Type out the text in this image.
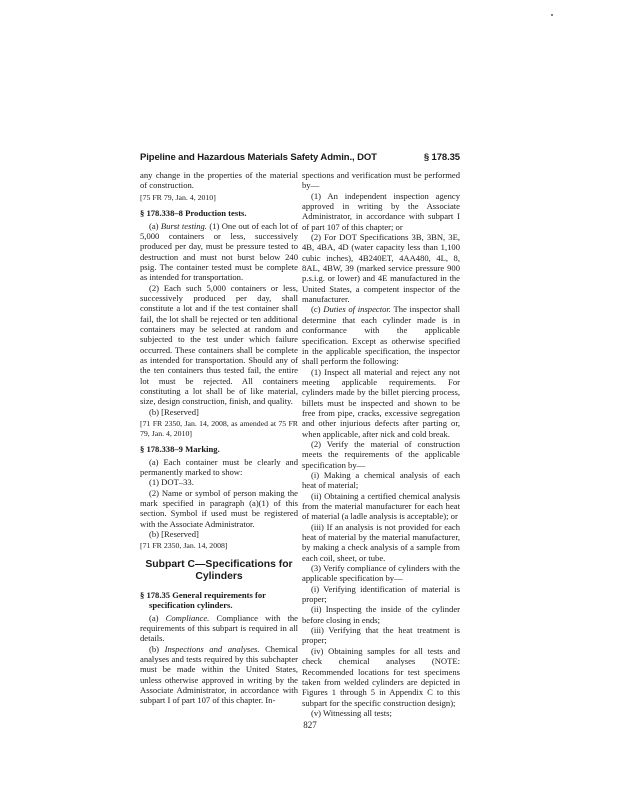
Pipeline and Hazardous Materials Safety Admin., DOT	§ 178.35

any change in the properties of the material of construction.

[75 FR 79, Jan. 4, 2010]

§ 178.338–8 Production tests.

(a) Burst testing. (1) One out of each lot of 5,000 containers or less, successively produced per day, must be pressure tested to destruction and must not burst below 240 psig. The container tested must be complete as intended for transportation.

(2) Each such 5,000 containers or less, successively produced per day, shall constitute a lot and if the test container shall fail, the lot shall be rejected or ten additional containers may be selected at random and subjected to the test under which failure occurred. These containers shall be complete as intended for transportation. Should any of the ten containers thus tested fail, the entire lot must be rejected. All containers constituting a lot shall be of like material, size, design construction, finish, and quality.

(b) [Reserved]

[71 FR 2350, Jan. 14, 2008, as amended at 75 FR 79, Jan. 4, 2010]

§ 178.338–9 Marking.

(a) Each container must be clearly and permanently marked to show:

(1) DOT–33.

(2) Name or symbol of person making the mark specified in paragraph (a)(1) of this section. Symbol if used must be registered with the Associate Administrator.

(b) [Reserved]

[71 FR 2350, Jan. 14, 2008]

Subpart C—Specifications for Cylinders

§ 178.35 General requirements for specification cylinders.

(a) Compliance. Compliance with the requirements of this subpart is required in all details.

(b) Inspections and analyses. Chemical analyses and tests required by this subchapter must be made within the United States, unless otherwise approved in writing by the Associate Administrator, in accordance with subpart I of part 107 of this chapter. In-

spections and verification must be performed by—

(1) An independent inspection agency approved in writing by the Associate Administrator, in accordance with subpart I of part 107 of this chapter; or

(2) For DOT Specifications 3B, 3BN, 3E, 4B, 4BA, 4D (water capacity less than 1,100 cubic inches), 4B240ET, 4AA480, 4L, 8, 8AL, 4BW, 39 (marked service pressure 900 p.s.i.g. or lower) and 4E manufactured in the United States, a competent inspector of the manufacturer.

(c) Duties of inspector. The inspector shall determine that each cylinder made is in conformance with the applicable specification. Except as otherwise specified in the applicable specification, the inspector shall perform the following:

(1) Inspect all material and reject any not meeting applicable requirements. For cylinders made by the billet piercing process, billets must be inspected and shown to be free from pipe, cracks, excessive segregation and other injurious defects after parting or, when applicable, after nick and cold break.

(2) Verify the material of construction meets the requirements of the applicable specification by—

(i) Making a chemical analysis of each heat of material;

(ii) Obtaining a certified chemical analysis from the material manufacturer for each heat of material (a ladle analysis is acceptable); or

(iii) If an analysis is not provided for each heat of material by the material manufacturer, by making a check analysis of a sample from each coil, sheet, or tube.

(3) Verify compliance of cylinders with the applicable specification by—

(i) Verifying identification of material is proper;

(ii) Inspecting the inside of the cylinder before closing in ends;

(iii) Verifying that the heat treatment is proper;

(iv) Obtaining samples for all tests and check chemical analyses (NOTE: Recommended locations for test specimens taken from welded cylinders are depicted in Figures 1 through 5 in Appendix C to this subpart for the specific construction design);

(v) Witnessing all tests;

827
